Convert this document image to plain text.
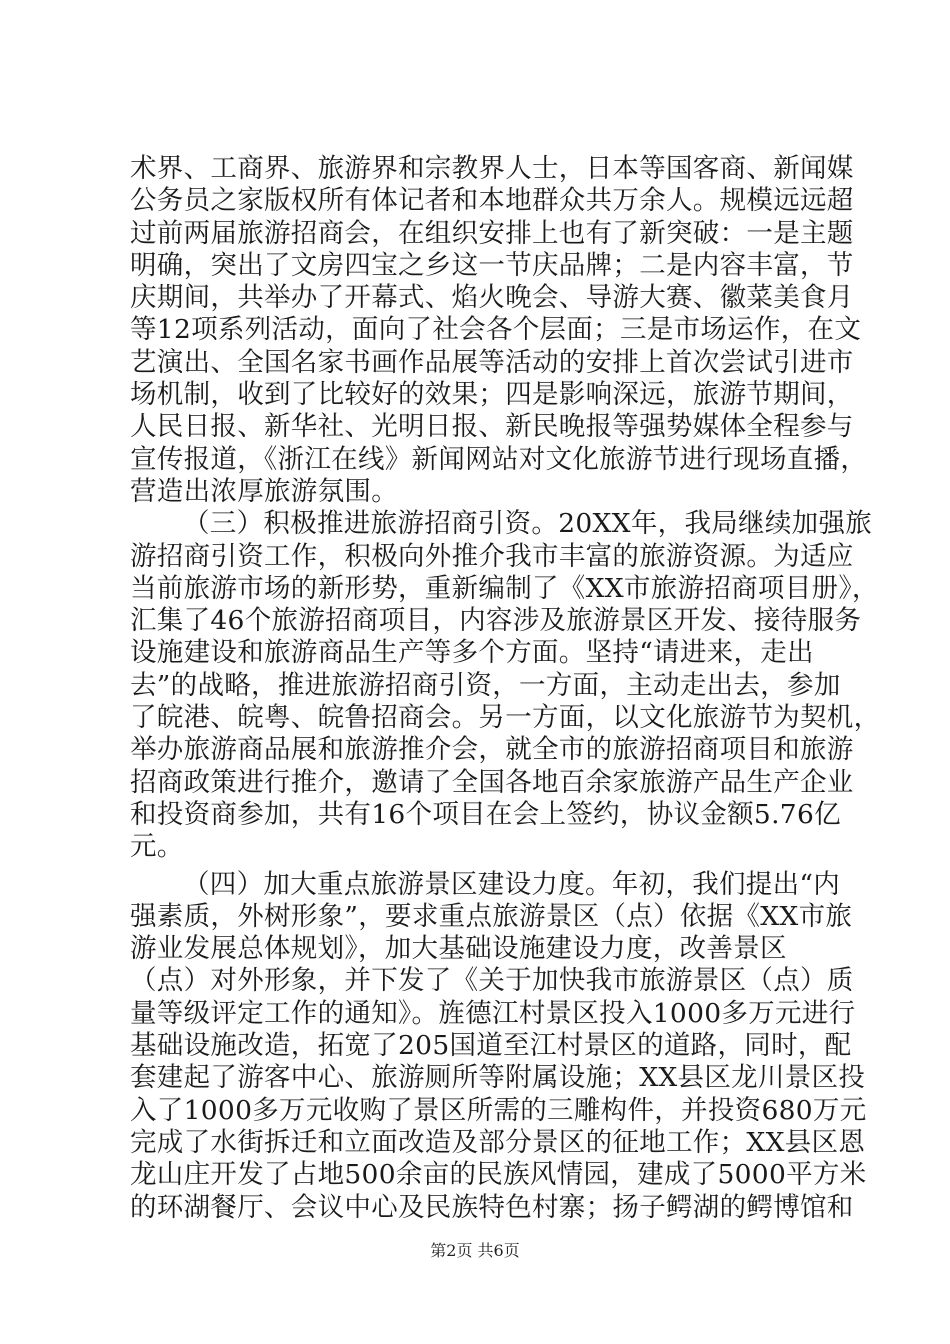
术界、工商界、旅游界和宗教界人士，日本等国客商、新闻媒
公务员之家版权所有体记者和本地群众共万余人。规模远远超
过前两届旅游招商会，在组织安排上也有了新突破：一是主题
明确，突出了文房四宝之乡这一节庆品牌；二是内容丰富，节
庆期间，共举办了开幕式、焰火晚会、导游大赛、徽菜美食月
等12项系列活动，面向了社会各个层面；三是市场运作，在文
艺演出、全国名家书画作品展等活动的安排上首次尝试引进市
场机制，收到了比较好的效果；四是影响深远，旅游节期间，
人民日报、新华社、光明日报、新民晚报等强势媒体全程参与
宣传报道，《浙江在线》新闻网站对文化旅游节进行现场直播，
营造出浓厚旅游氛围。
（三）积极推进旅游招商引资。20XX年，我局继续加强旅
游招商引资工作，积极向外推介我市丰富的旅游资源。为适应
当前旅游市场的新形势，重新编制了《XX市旅游招商项目册》，
汇集了46个旅游招商项目，内容涉及旅游景区开发、接待服务
设施建设和旅游商品生产等多个方面。坚持“请进来，走出
去”的战略，推进旅游招商引资，一方面，主动走出去，参加
了皖港、皖粤、皖鲁招商会。另一方面，以文化旅游节为契机，
举办旅游商品展和旅游推介会，就全市的旅游招商项目和旅游
招商政策进行推介，邀请了全国各地百余家旅游产品生产企业
和投资商参加，共有16个项目在会上签约，协议金额5.76亿
元。
（四）加大重点旅游景区建设力度。年初，我们提出“内
强素质，外树形象”，要求重点旅游景区（点）依据《XX市旅
游业发展总体规划》，加大基础设施建设力度，改善景区
（点）对外形象，并下发了《关于加快我市旅游景区（点）质
量等级评定工作的通知》。旌德江村景区投入1000多万元进行
基础设施改造，拓宽了205国道至江村景区的道路，同时，配
套建起了游客中心、旅游厕所等附属设施；XX县区龙川景区投
入了1000多万元收购了景区所需的三雕构件，并投资680万元
完成了水街拆迁和立面改造及部分景区的征地工作；XX县区恩
龙山庄开发了占地500余亩的民族风情园，建成了5000平方米
的环湖餐厅、会议中心及民族特色村寨；扬子鳄湖的鳄博馆和
第2页 共6页
